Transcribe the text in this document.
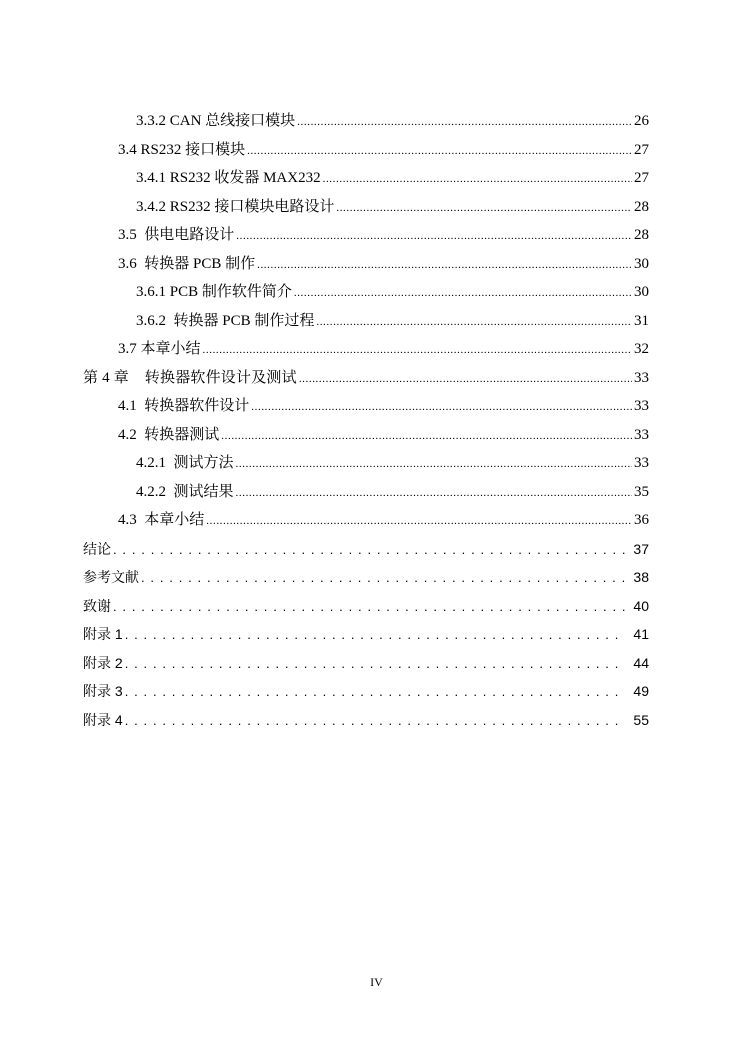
3.3.2 CAN 总线接口模块 .....	26
3.4 RS232 接口模块 .....	27
3.4.1 RS232 收发器 MAX232 .....	27
3.4.2 RS232 接口模块电路设计 .....	28
3.5  供电电路设计 .....	28
3.6  转换器 PCB 制作 .....	30
3.6.1 PCB 制作软件简介 .....	30
3.6.2  转换器 PCB 制作过程 .....	31
3.7 本章小结 .....	32
第 4 章    转换器软件设计及测试 .....	33
4.1  转换器软件设计 .....	33
4.2  转换器测试 .....	33
4.2.1  测试方法 .....	33
4.2.2  测试结果 .....	35
4.3  本章小结 .....	36
结论 . . .	37
参考文献 . . .	38
致谢 . . .	40
附录 1 . . .	41
附录 2 . . .	44
附录 3 . . .	49
附录 4 . . .	55
IV
